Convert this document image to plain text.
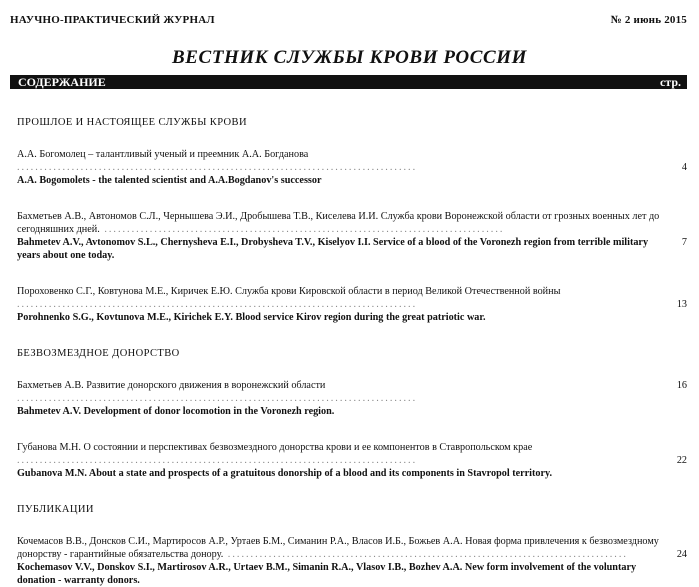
НАУЧНО-ПРАКТИЧЕСКИЙ ЖУРНАЛ	№ 2 июнь 2015
ВЕСТНИК СЛУЖБЫ КРОВИ РОССИИ
СОДЕРЖАНИЕ	стр.
ПРОШЛОЕ И НАСТОЯЩЕЕ СЛУЖБЫ КРОВИ
А.А. Богомолец – талантливый ученый и преемник А.А. Богданова .....
A.A. Bogomolets - the talented scientist and A.A.Bogdanov's successor
4
Бахметьев А.В., Автономов С.Л., Чернышева Э.И., Дробышева Т.В., Киселева И.И. Служба крови Воронежской области от грозных военных лет до сегодняшних дней. .....
Bahmetev A.V., Avtonomov S.L., Chernysheva E.I., Drobysheva T.V., Kiselyov I.I. Service of a blood of the Voronezh region from terrible military years about one today.
7
Пороховенко С.Г., Ковтунова М.Е., Киричек Е.Ю. Служба крови Кировской области в период Великой Отечественной войны .....
Porohnenko S.G., Kovtunova M.E., Kirichek E.Y. Blood service Kirov region during the great patriotic war.
13
БЕЗВОЗМЕЗДНОЕ ДОНОРСТВО
Бахметьев А.В. Развитие донорского движения в воронежский области .....
Bahmetev A.V. Development of donor locomotion in the Voronezh region.
16
Губанова М.Н. О состоянии и перспективах безвозмездного донорства крови и ее компонентов в Ставропольском крае .....
Gubanova M.N. About a state and prospects of a gratuitous donorship of a blood and its components in Stavropol territory.
22
ПУБЛИКАЦИИ
Кочемасов В.В., Донсков С.И., Мартиросов А.Р., Уртаев Б.М., Симанин Р.А., Власов И.Б., Божьев А.А. Новая форма привлечения к безвозмездному донорству - гарантийные обязательства донору. .....
Kochemasov V.V., Donskov S.I., Martirosov A.R., Urtaev B.M., Simanin R.A., Vlasov I.B., Bozhev A.A. New form involvement of the voluntary donation - warranty donors.
24
